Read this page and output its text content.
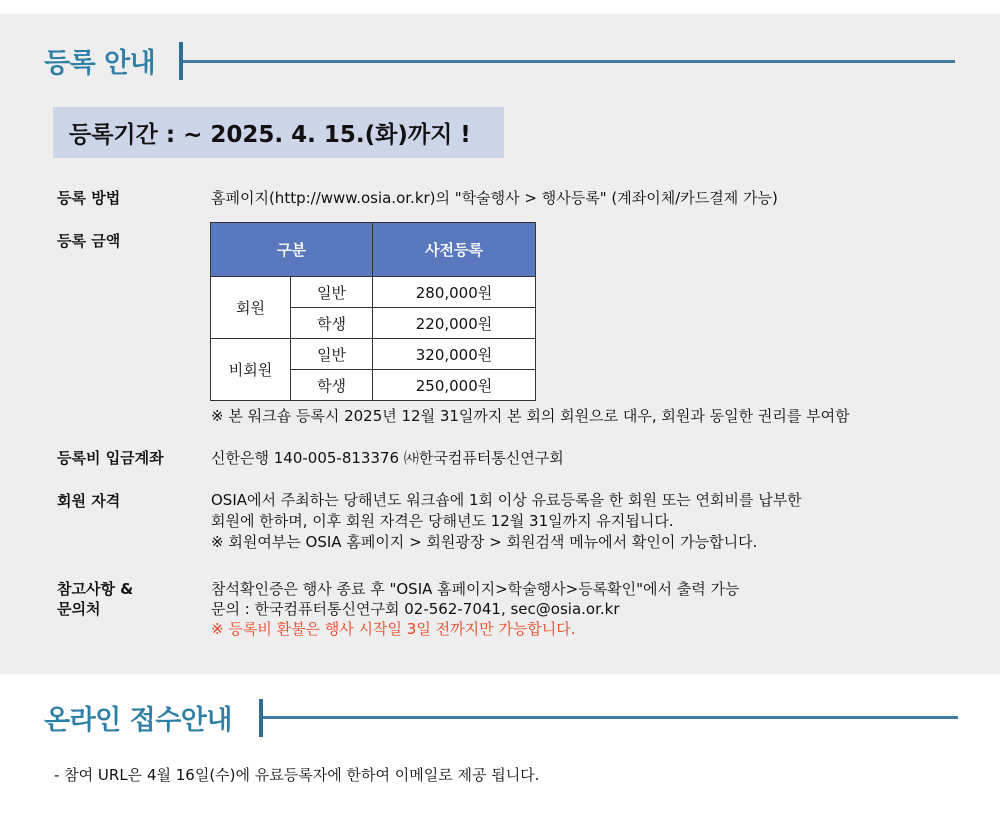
등록 안내
등록기간 : ~ 2025. 4. 15.(화)까지 !
등록 방법	홈페이지(http://www.osia.or.kr)의 "학술행사 > 행사등록" (계좌이체/카드결제 가능)
등록 금액	구분		사전등록
회원	일반	280,000원
	학생	220,000원
비회원	일반	320,000원
	학생	250,000원
※ 본 워크숍 등록시 2025년 12월 31일까지 본 회의 회원으로 대우, 회원과 동일한 권리를 부여함
등록비 입금계좌	신한은행 140-005-813376 ㈔한국컴퓨터통신연구회
회원 자격	OSIA에서 주최하는 당해년도 워크숍에 1회 이상 유료등록을 한 회원 또는 연회비를 납부한
회원에 한하며, 이후 회원 자격은 당해년도 12월 31일까지 유지됩니다.
※ 회원여부는 OSIA 홈페이지 > 회원광장 > 회원검색 메뉴에서 확인이 가능합니다.
참고사항 &
문의처
참석확인증은 행사 종료 후 "OSIA 홈페이지>학술행사>등록확인"에서 출력 가능
문의 : 한국컴퓨터통신연구회 02-562-7041, sec@osia.or.kr
※ 등록비 환불은 행사 시작일 3일 전까지만 가능합니다.
온라인 접수안내
- 참여 URL은 4월 16일(수)에 유료등록자에 한하여 이메일로 제공 됩니다.
